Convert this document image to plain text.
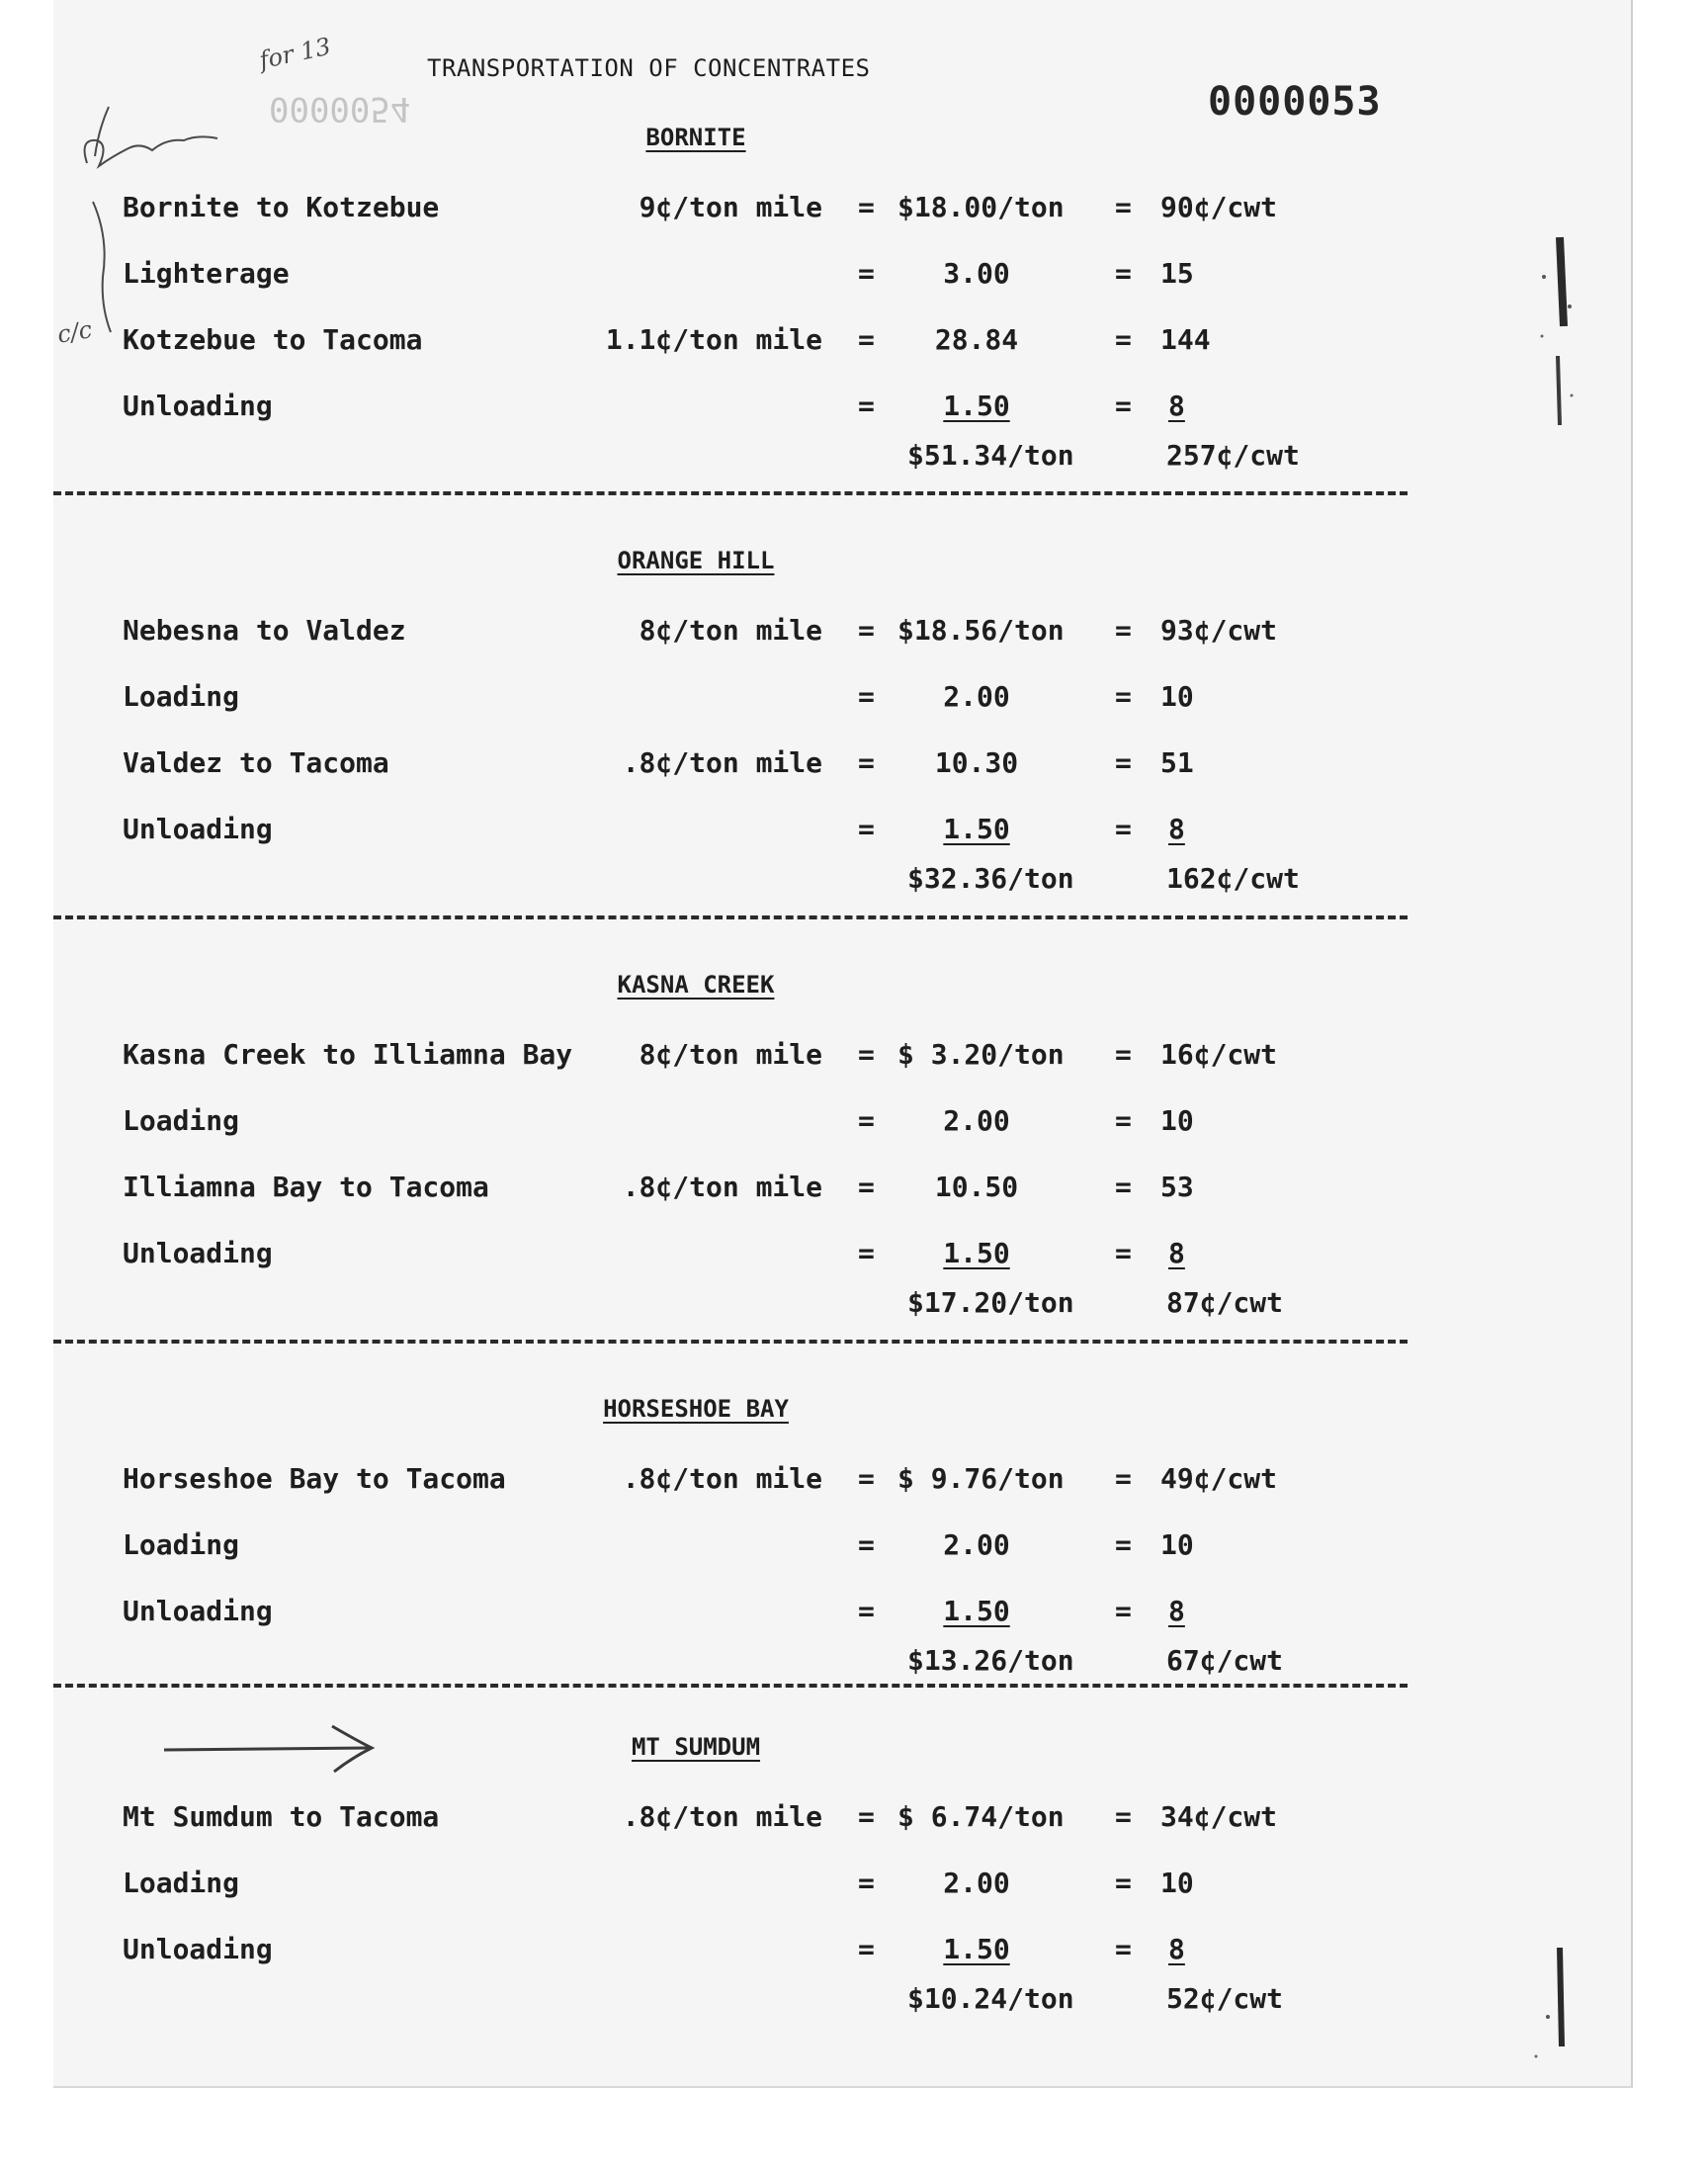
TRANSPORTATION OF CONCENTRATES
0000053
0000054
for 13
c/c
BORNITE
Bornite to Kotzebue	9¢/ton mile = $18.00/ton = 90¢/cwt
Lighterage	=	3.00	= 15
Kotzebue to Tacoma	1.1¢/ton mile =	28.84	= 144
Unloading	=	1.50	= 8
$51.34/ton	257¢/cwt
ORANGE HILL
Nebesna to Valdez	8¢/ton mile = $18.56/ton = 93¢/cwt
Loading	=	2.00	= 10
Valdez to Tacoma	.8¢/ton mile =	10.30	= 51
Unloading	=	1.50	= 8
$32.36/ton	162¢/cwt
KASNA CREEK
Kasna Creek to Illiamna Bay	8¢/ton mile = $ 3.20/ton = 16¢/cwt
Loading	=	2.00	= 10
Illiamna Bay to Tacoma	.8¢/ton mile =	10.50	= 53
Unloading	=	1.50	= 8
$17.20/ton	87¢/cwt
HORSESHOE BAY
Horseshoe Bay to Tacoma	.8¢/ton mile = $ 9.76/ton = 49¢/cwt
Loading	=	2.00	= 10
Unloading	=	1.50	= 8
$13.26/ton	67¢/cwt
MT SUMDUM
Mt Sumdum to Tacoma	.8¢/ton mile = $ 6.74/ton = 34¢/cwt
Loading	=	2.00	= 10
Unloading	=	1.50	= 8
$10.24/ton	52¢/cwt
